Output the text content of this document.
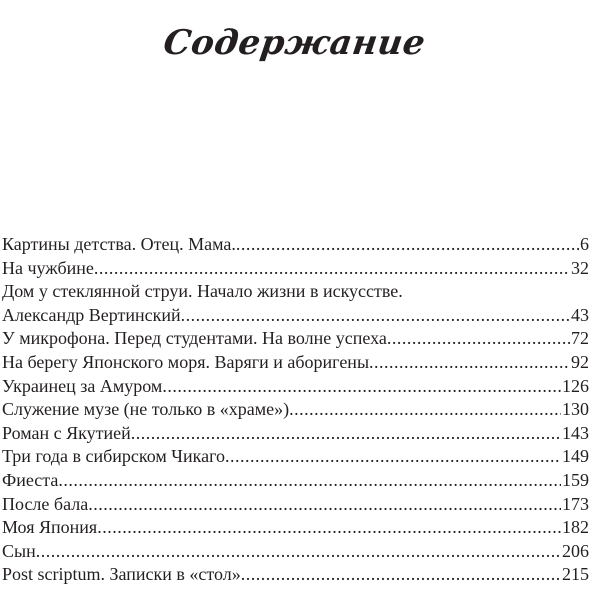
Содержание
Картины детства. Отец. Мама. .....	6
На чужбине .....	32
Дом у стеклянной струи. Начало жизни в искусстве.
Александр Вертинский .....	43
У микрофона. Перед студентами. На волне успеха .....	72
На берегу Японского моря. Варяги и аборигены .....	92
Украинец за Амуром .....	126
Служение музе (не только в «храме») .....	130
Роман с Якутией .....	143
Три года в сибирском Чикаго .....	149
Фиеста .....	159
После бала .....	173
Моя Япония .....	182
Сын .....	206
Post scriptum. Записки в «стол» .....	215
